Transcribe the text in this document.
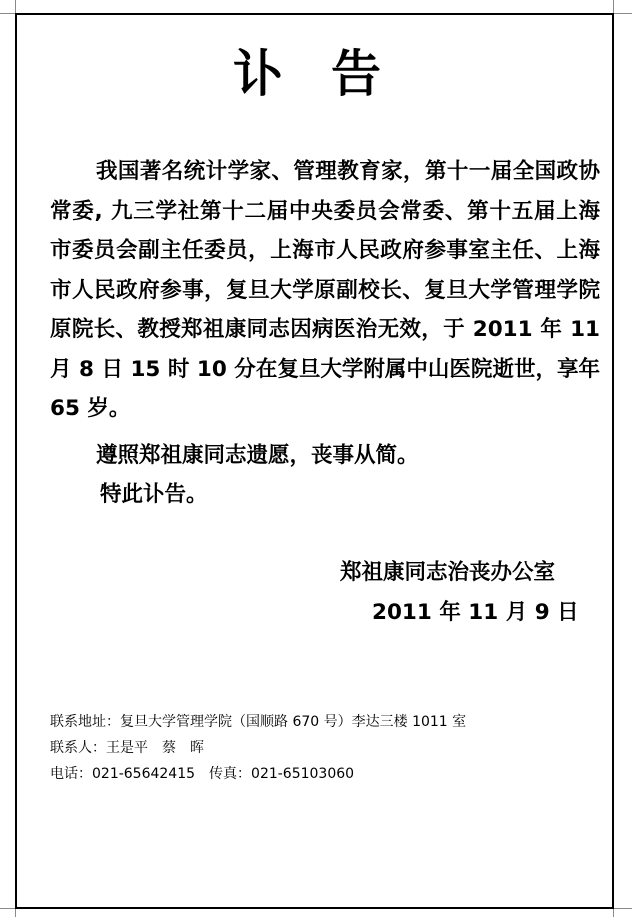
讣告
我国著名统计学家、管理教育家，第十一届全国政协常委, 九三学社第十二届中央委员会常委、第十五届上海市委员会副主任委员，上海市人民政府参事室主任、上海市人民政府参事，复旦大学原副校长、复旦大学管理学院原院长、教授郑祖康同志因病医治无效，于 2011 年 11 月 8 日 15 时 10 分在复旦大学附属中山医院逝世，享年 65 岁。
遵照郑祖康同志遗愿，丧事从简。
特此讣告。
郑祖康同志治丧办公室
2011 年 11 月 9 日
联系地址：复旦大学管理学院（国顺路 670 号）李达三楼 1011 室
联系人：王是平　蔡　晖
电话：021-65642415　传真：021-65103060
